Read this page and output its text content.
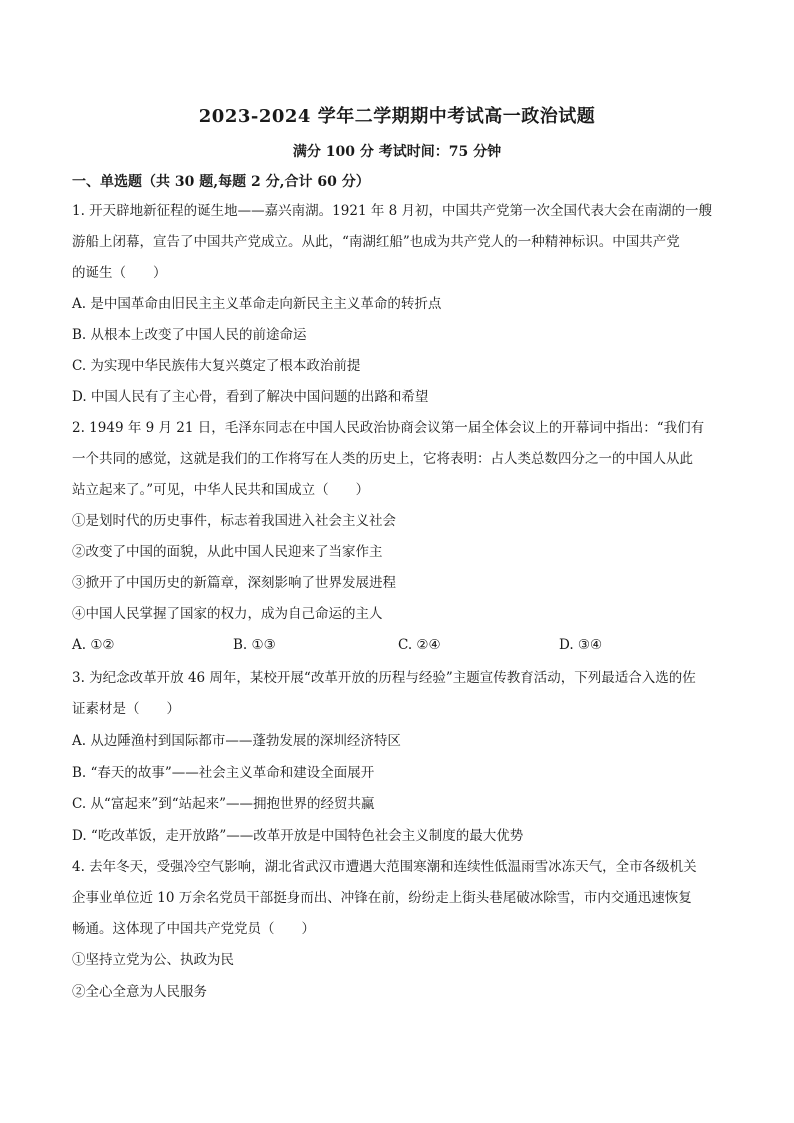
2023-2024 学年二学期期中考试高一政治试题
满分 100 分 考试时间：75 分钟
一、单选题（共 30 题,每题 2 分,合计 60 分）
1. 开天辟地新征程的诞生地——嘉兴南湖。1921 年 8 月初，中国共产党第一次全国代表大会在南湖的一艘
游船上闭幕，宣告了中国共产党成立。从此，“南湖红船”也成为共产党人的一种精神标识。中国共产党
的诞生（　　）
A. 是中国革命由旧民主主义革命走向新民主主义革命的转折点
B. 从根本上改变了中国人民的前途命运
C. 为实现中华民族伟大复兴奠定了根本政治前提
D. 中国人民有了主心骨，看到了解决中国问题的出路和希望
2. 1949 年 9 月 21 日，毛泽东同志在中国人民政治协商会议第一届全体会议上的开幕词中指出：“我们有
一个共同的感觉，这就是我们的工作将写在人类的历史上，它将表明：占人类总数四分之一的中国人从此
站立起来了。”可见，中华人民共和国成立（　　）
①是划时代的历史事件，标志着我国进入社会主义社会
②改变了中国的面貌，从此中国人民迎来了当家作主
③掀开了中国历史的新篇章，深刻影响了世界发展进程
④中国人民掌握了国家的权力，成为自己命运的主人
A. ①②	B. ①③	C. ②④	D. ③④
3. 为纪念改革开放 46 周年，某校开展“改革开放的历程与经验”主题宣传教育活动，下列最适合入选的佐
证素材是（　　）
A. 从边陲渔村到国际都市——蓬勃发展的深圳经济特区
B. “春天的故事”——社会主义革命和建设全面展开
C. 从“富起来”到“站起来”——拥抱世界的经贸共赢
D. “吃改革饭，走开放路”——改革开放是中国特色社会主义制度的最大优势
4. 去年冬天，受强冷空气影响，湖北省武汉市遭遇大范围寒潮和连续性低温雨雪冰冻天气，全市各级机关
企事业单位近 10 万余名党员干部挺身而出、冲锋在前，纷纷走上街头巷尾破冰除雪，市内交通迅速恢复
畅通。这体现了中国共产党党员（　　）
①坚持立党为公、执政为民
②全心全意为人民服务
